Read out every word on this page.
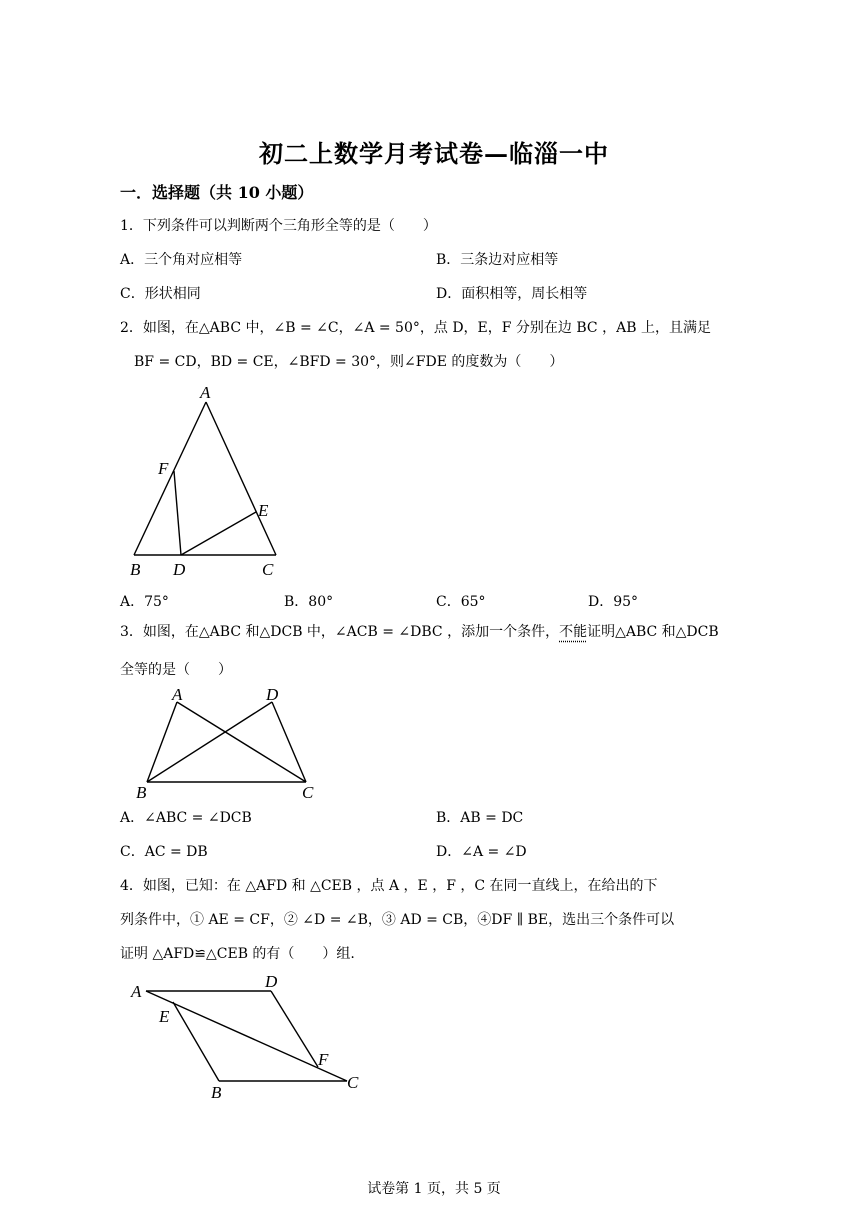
初二上数学月考试卷—临淄一中
一．选择题（共 10 小题）
1．下列条件可以判断两个三角形全等的是（　　）
A．三个角对应相等	B．三条边对应相等
C．形状相同	D．面积相等，周长相等
2．如图，在△ABC 中，∠B = ∠C，∠A = 50°，点 D，E，F 分别在边 BC ，AB 上，且满足
BF = CD，BD = CE，∠BFD = 30°，则∠FDE 的度数为（　　）
A
F
E
B D	C
A．75°	B．80°	C．65°	D．95°
3．如图，在△ABC 和△DCB 中，∠ACB = ∠DBC ，添加一个条件，不能证明△ABC 和△DCB
全等的是（　　）
A	D
B	C
A．∠ABC = ∠DCB	B．AB = DC
C．AC = DB	D．∠A = ∠D
4．如图，已知：在 △AFD 和 △CEB ，点 A ，E ，F ，C 在同一直线上，在给出的下
列条件中，① AE = CF，② ∠D = ∠B，③ AD = CB，④DF ∥ BE，选出三个条件可以
证明 △AFD≌△CEB 的有（　　）组.
A
D
E
F
C
B
试卷第 1 页，共 5 页
